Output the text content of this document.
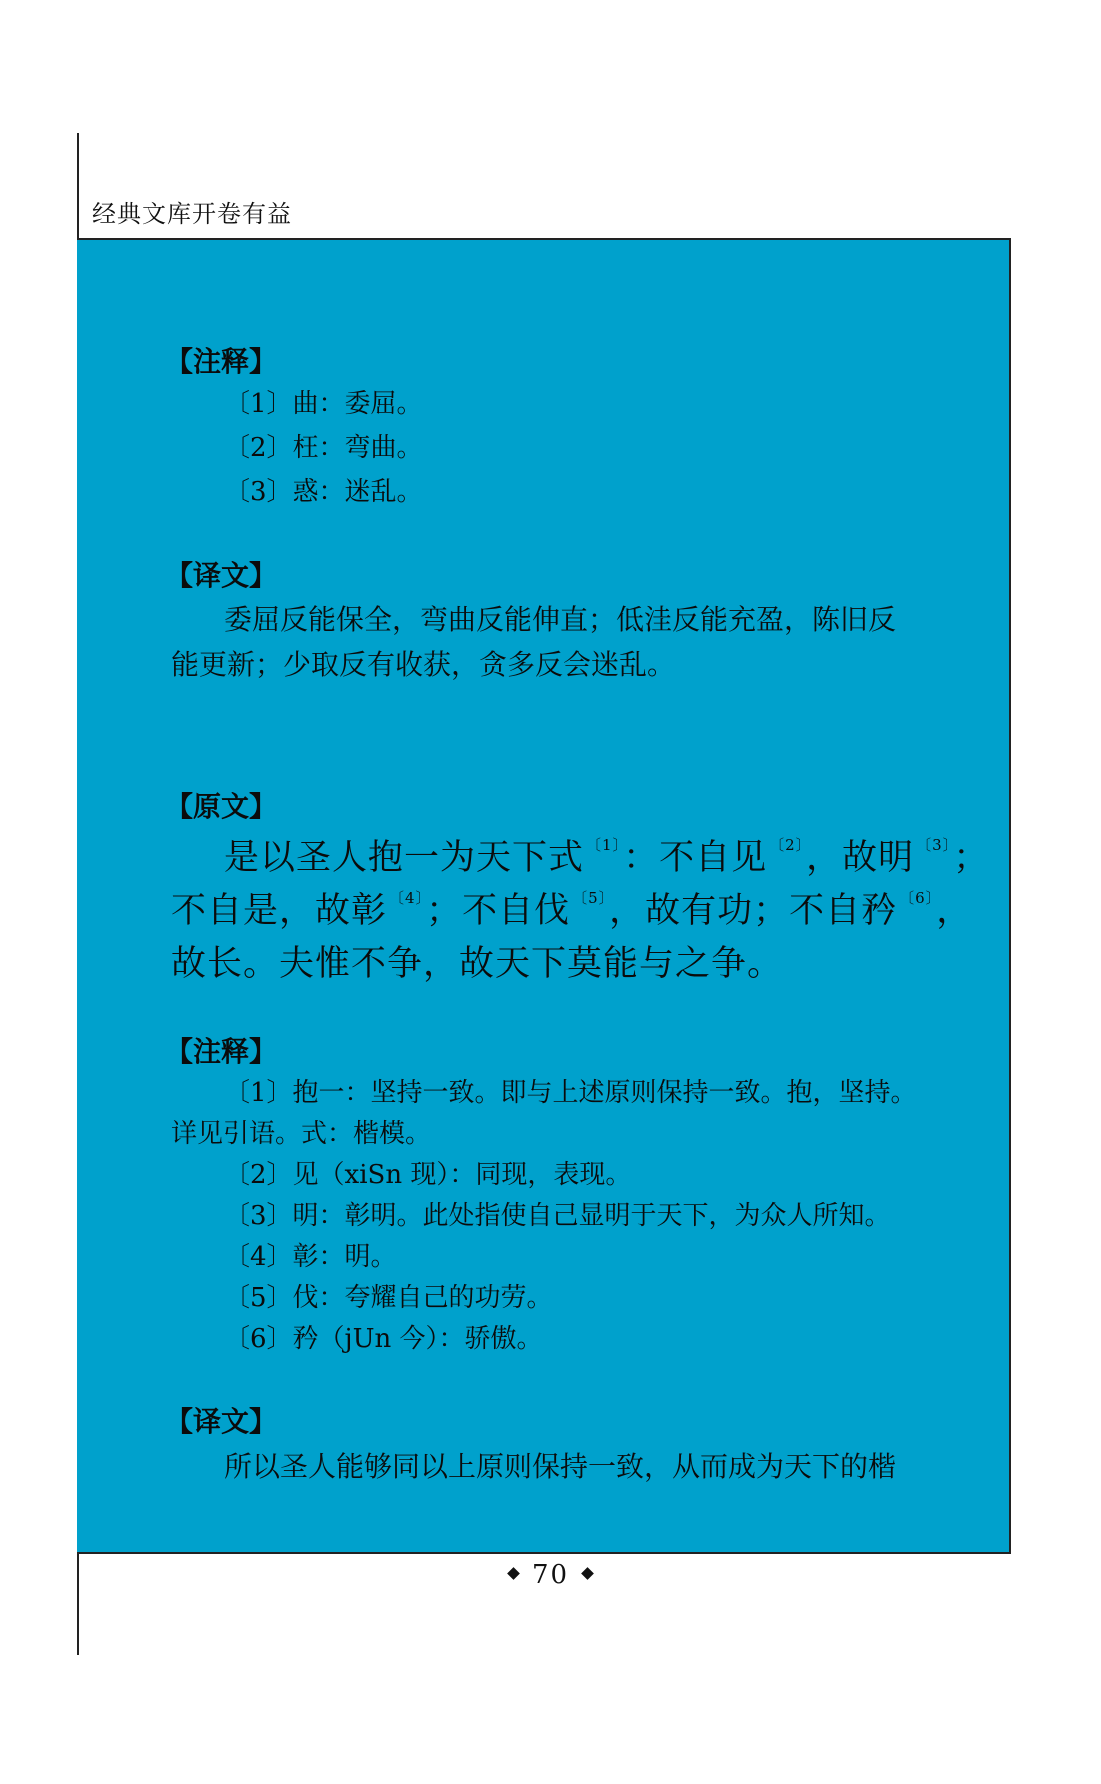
经典文库开卷有益
【注释】
〔1〕曲：委屈。
〔2〕枉：弯曲。
〔3〕惑：迷乱。
【译文】
委屈反能保全，弯曲反能伸直；低洼反能充盈，陈旧反
能更新；少取反有收获，贪多反会迷乱。
【原文】
是以圣人抱一为天下式 $^{〔1〕}$：不自见 $^{〔2〕}$，故明 $^{〔3〕}$；
不自是，故彰 $^{〔4〕}$；不自伐 $^{〔5〕}$，故有功；不自矜 $^{〔6〕}$，
故长。夫惟不争，故天下莫能与之争。
【注释】
〔1〕抱一：坚持一致。即与上述原则保持一致。抱，坚持。
详见引语。式：楷模。
〔2〕见（xiSn 现）：同现，表现。
〔3〕明：彰明。此处指使自己显明于天下，为众人所知。
〔4〕彰：明。
〔5〕伐：夸耀自己的功劳。
〔6〕矜（jUn 今）：骄傲。
【译文】
所以圣人能够同以上原则保持一致，从而成为天下的楷
70
